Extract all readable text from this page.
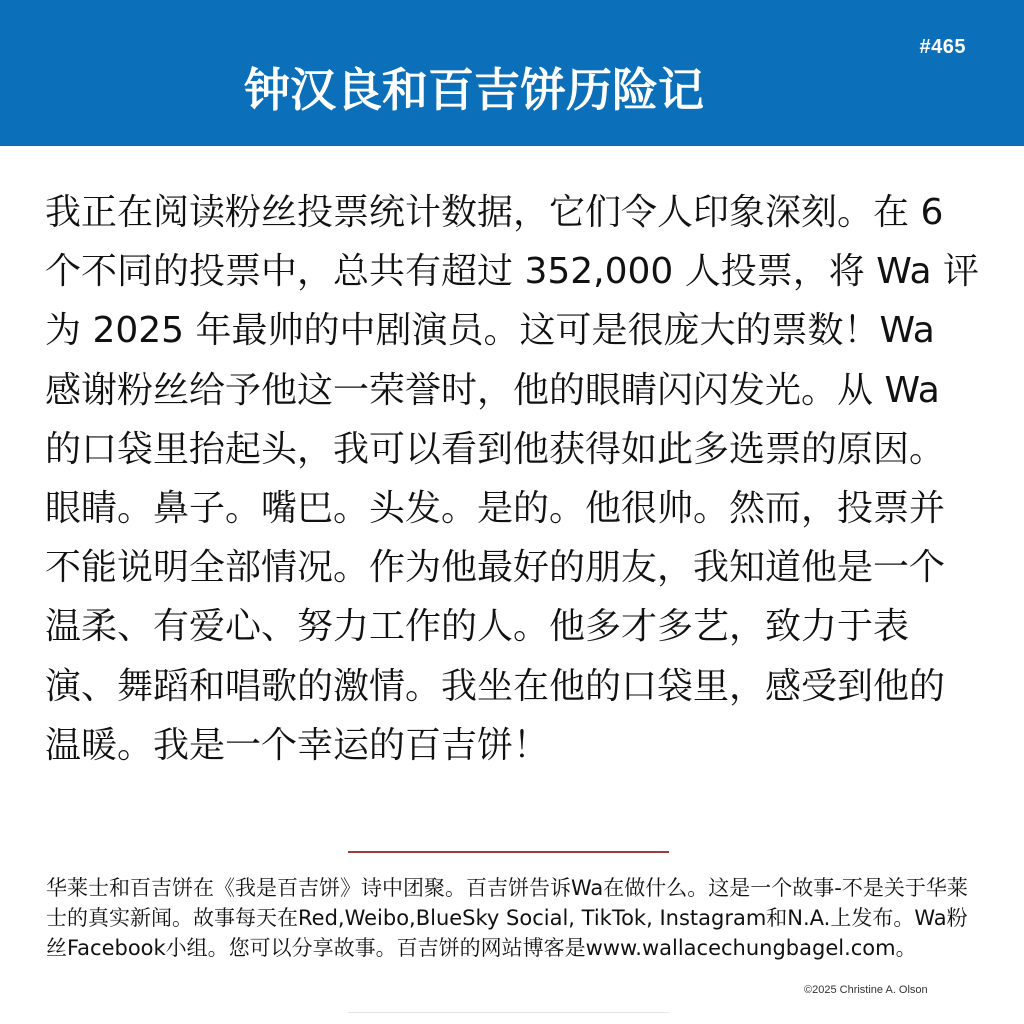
钟汉良和百吉饼历险记
#465
我正在阅读粉丝投票统计数据，它们令人印象深刻。在 6 个不同的投票中，总共有超过 352,000 人投票，将 Wa 评为 2025 年最帅的中剧演员。这可是很庞大的票数！Wa 感谢粉丝给予他这一荣誉时，他的眼睛闪闪发光。从 Wa 的口袋里抬起头，我可以看到他获得如此多选票的原因。眼睛。鼻子。嘴巴。头发。是的。他很帅。然而，投票并不能说明全部情况。作为他最好的朋友，我知道他是一个温柔、有爱心、努力工作的人。他多才多艺，致力于表演、舞蹈和唱歌的激情。我坐在他的口袋里，感受到他的温暖。我是一个幸运的百吉饼！
华莱士和百吉饼在《我是百吉饼》诗中团聚。百吉饼告诉Wa在做什么。这是一个故事-不是关于华莱士的真实新闻。故事每天在Red,Weibo,BlueSky Social, TikTok, Instagram和N.A.上发布。Wa粉丝Facebook小组。您可以分享故事。百吉饼的网站博客是www.wallacechungbagel.com。
©2025 Christine A. Olson
